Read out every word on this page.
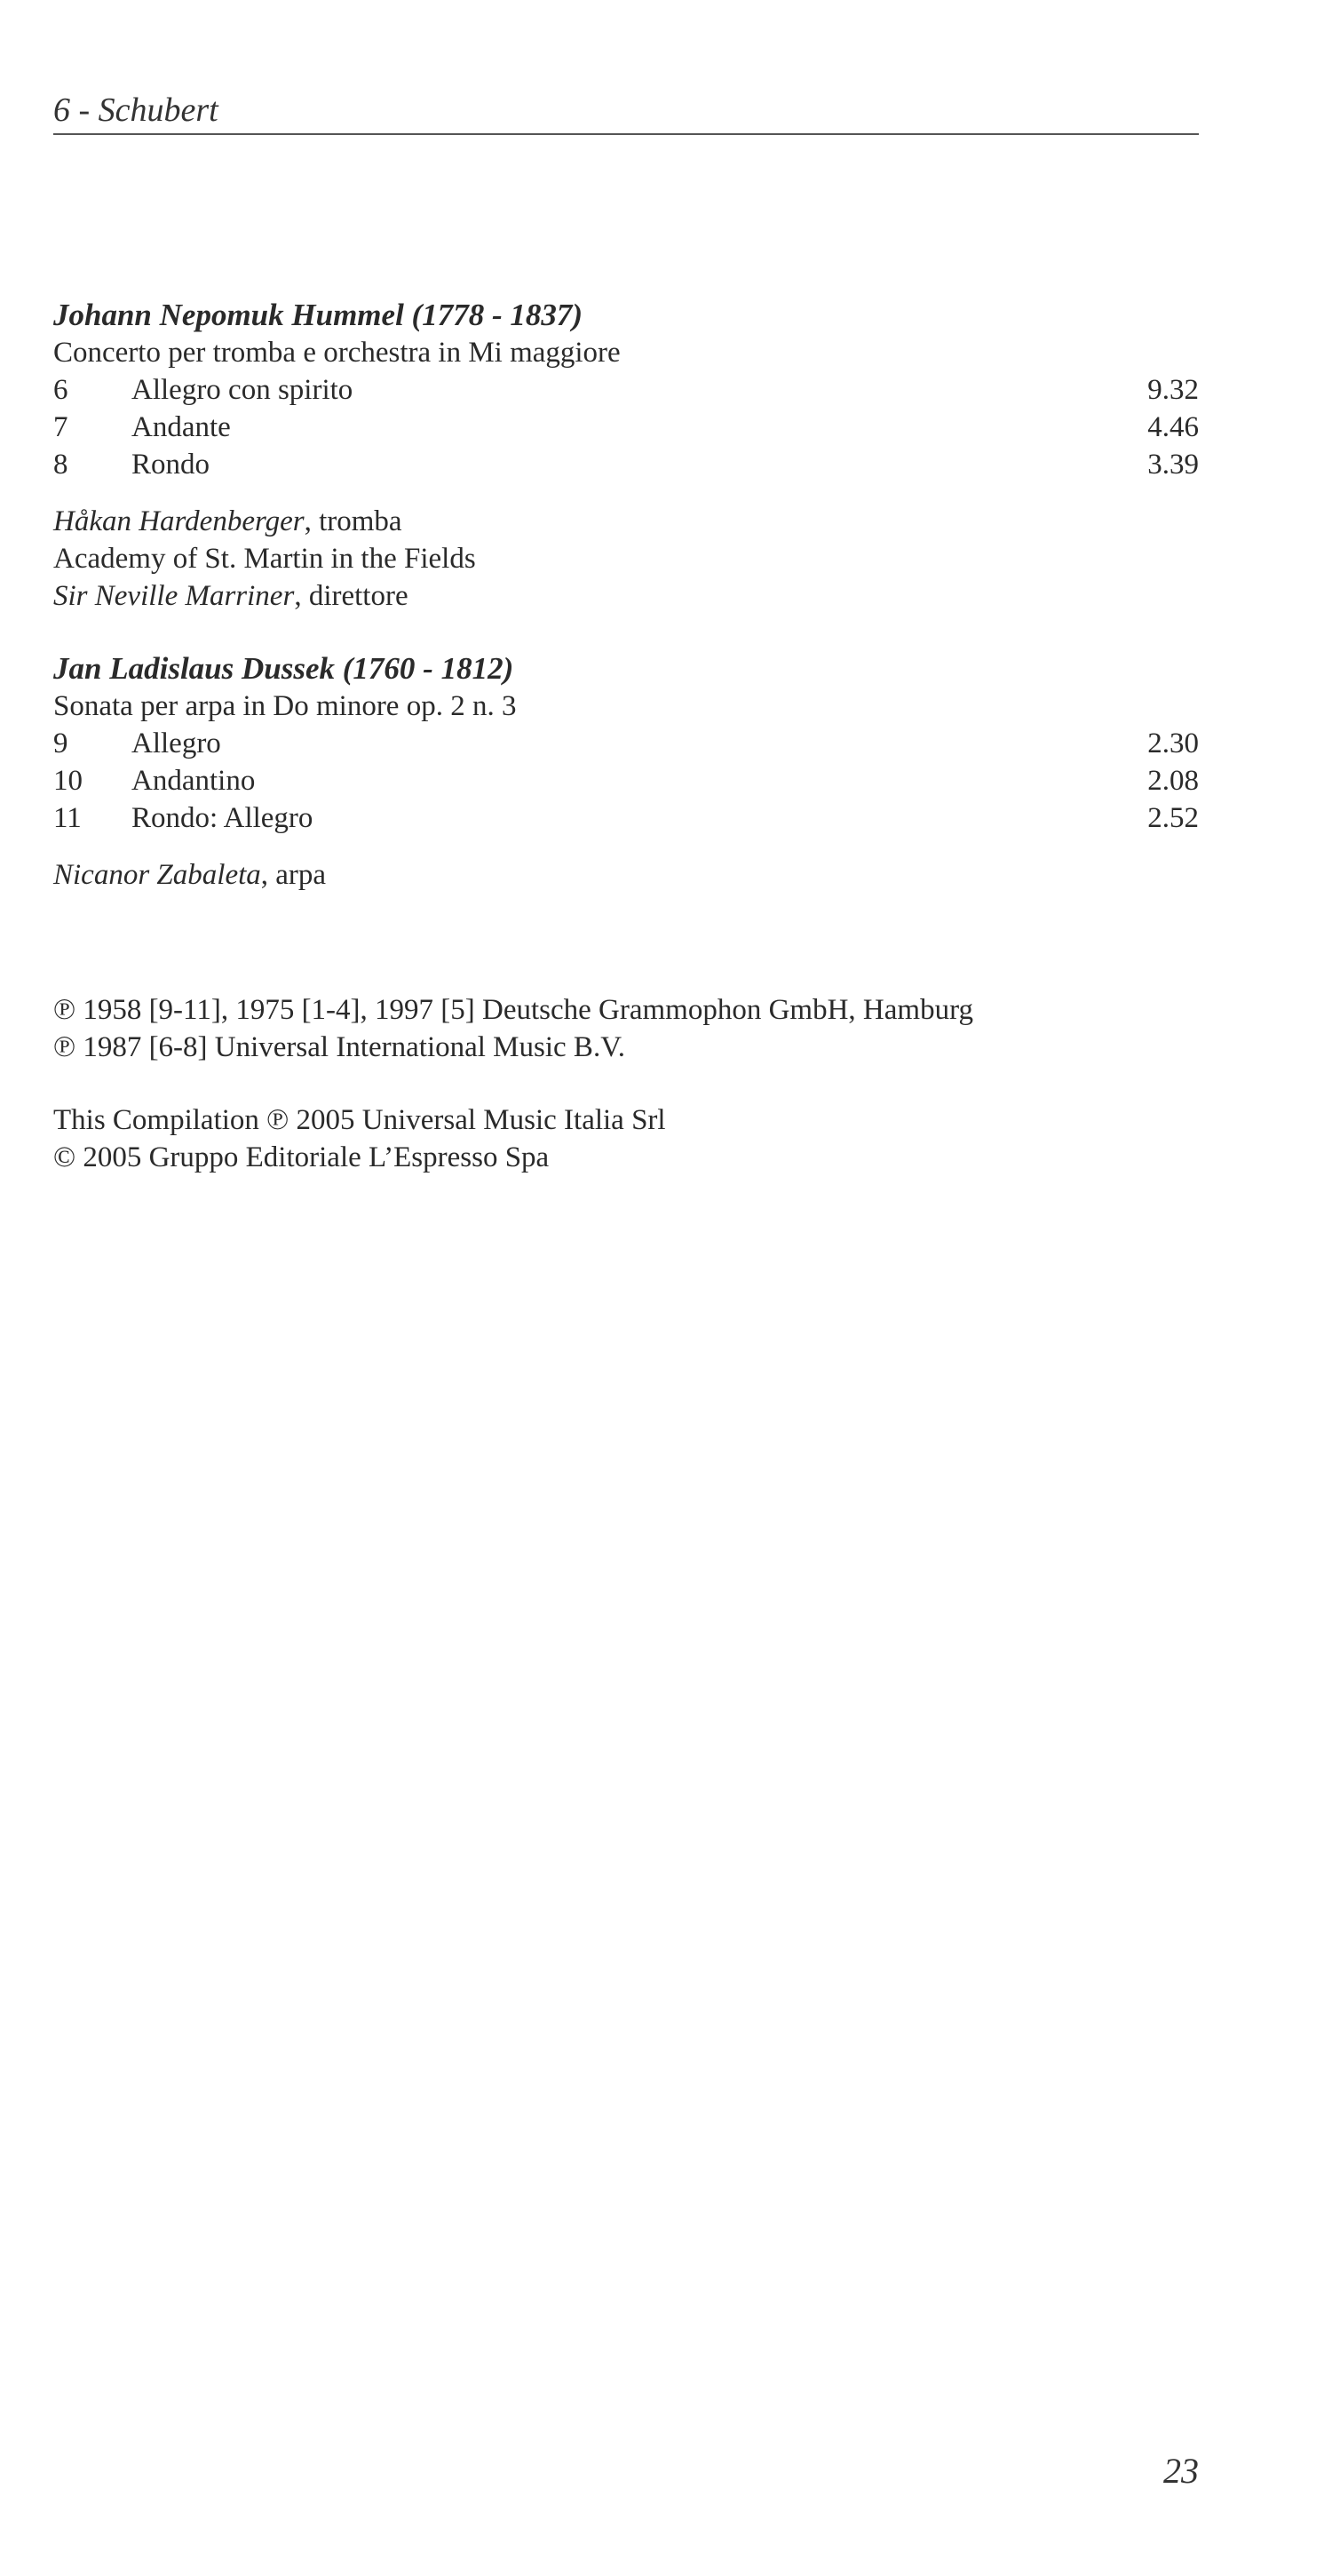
6 - Schubert
Johann Nepomuk Hummel (1778 - 1837)
Concerto per tromba e orchestra in Mi maggiore
6	Allegro con spirito	9.32
7	Andante	4.46
8	Rondo	3.39
Håkan Hardenberger, tromba
Academy of St. Martin in the Fields
Sir Neville Marriner, direttore
Jan Ladislaus Dussek (1760 - 1812)
Sonata per arpa in Do minore op. 2 n. 3
9	Allegro	2.30
10	Andantino	2.08
11	Rondo: Allegro	2.52
Nicanor Zabaleta, arpa
℗ 1958 [9-11], 1975 [1-4], 1997 [5] Deutsche Grammophon GmbH, Hamburg
℗ 1987 [6-8] Universal International Music B.V.
This Compilation ℗ 2005 Universal Music Italia Srl
© 2005 Gruppo Editoriale L’Espresso Spa
23
